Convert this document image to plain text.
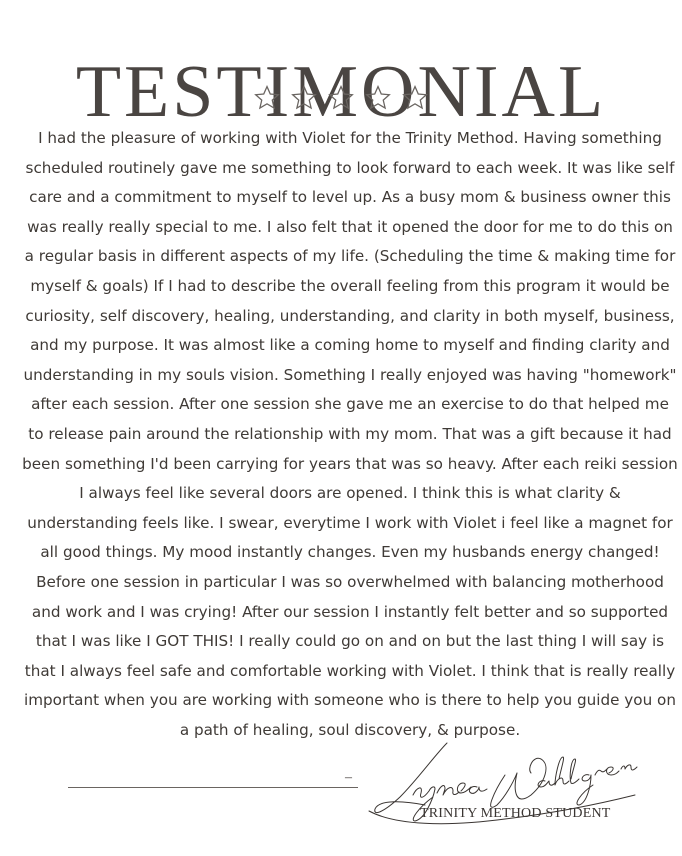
TESTIMONIAL

I had the pleasure of working with Violet for the Trinity Method. Having something scheduled routinely gave me something to look forward to each week. It was like self care and a commitment to myself to level up. As a busy mom & business owner this was really really special to me. I also felt that it opened the door for me to do this on a regular basis in different aspects of my life. (Scheduling the time & making time for myself & goals) If I had to describe the overall feeling from this program it would be curiosity, self discovery, healing, understanding, and clarity in both myself, business, and my purpose. It was almost like a coming home to myself and finding clarity and understanding in my souls vision. Something I really enjoyed was having "homework" after each session. After one session she gave me an exercise to do that helped me to release pain around the relationship with my mom. That was a gift because it had been something I'd been carrying for years that was so heavy. After each reiki session I always feel like several doors are opened. I think this is what clarity & understanding feels like. I swear, everytime I work with Violet i feel like a magnet for all good things. My mood instantly changes. Even my husbands energy changed! Before one session in particular I was so overwhelmed with balancing motherhood and work and I was crying! After our session I instantly felt better and so supported that I was like I GOT THIS! I really could go on and on but the last thing I will say is that I always feel safe and comfortable working with Violet. I think that is really really important when you are working with someone who is there to help you guide you on a path of healing, soul discovery, & purpose.

–
TRINITY METHOD STUDENT
